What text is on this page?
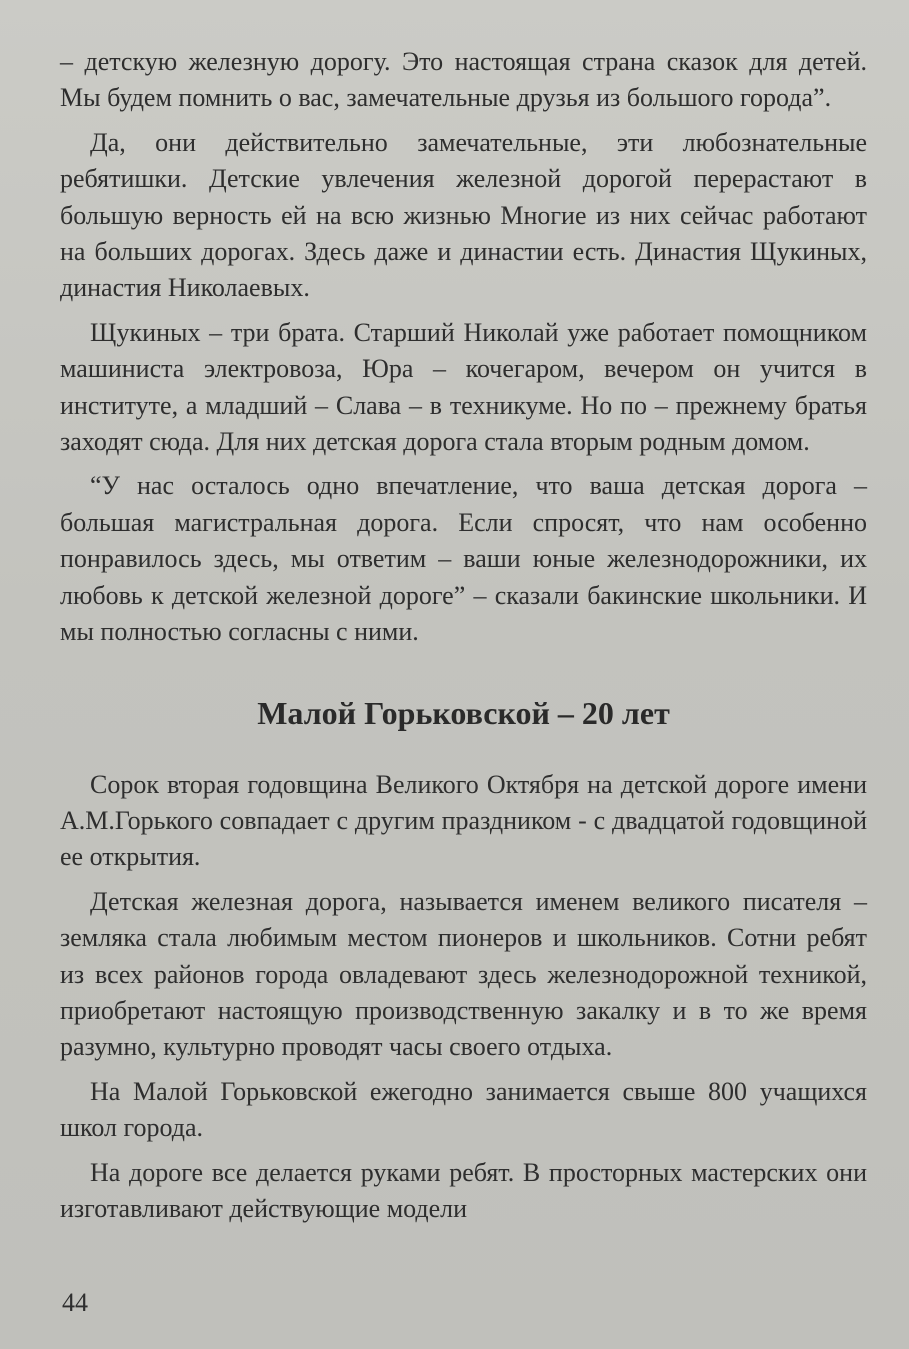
– детскую железную дорогу. Это настоящая страна сказок для детей. Мы будем помнить о вас, замечательные друзья из большого города”.

Да, они действительно замечательные, эти любознательные ребятишки. Детские увлечения железной дорогой перерастают в большую верность ей на всю жизнью Многие из них сейчас работают на больших дорогах. Здесь даже и династии есть. Династия Щукиных, династия Николаевых.

Щукиных – три брата. Старший Николай уже работает помощником машиниста электровоза, Юра – кочегаром, вечером он учится в институте, а младший – Слава – в техникуме. Но по – прежнему братья заходят сюда. Для них детская дорога стала вторым родным домом.

“У нас осталось одно впечатление, что ваша детская дорога – большая магистральная дорога. Если спросят, что нам особенно понравилось здесь, мы ответим – ваши юные железнодорожники, их любовь к детской железной дороге” – сказали бакинские школьники. И мы полностью согласны с ними.

Малой Горьковской – 20 лет

Сорок вторая годовщина Великого Октября на детской дороге имени А.М.Горького совпадает с другим праздником - с двадцатой годовщиной ее открытия.

Детская железная дорога, называется именем великого писателя – земляка стала любимым местом пионеров и школьников. Сотни ребят из всех районов города овладевают здесь железнодорожной техникой, приобретают настоящую производственную закалку и в то же время разумно, культурно проводят часы своего отдыха.

На Малой Горьковской ежегодно занимается свыше 800 учащихся школ города.

На дороге все делается руками ребят. В просторных мастерских они изготавливают действующие модели

44
